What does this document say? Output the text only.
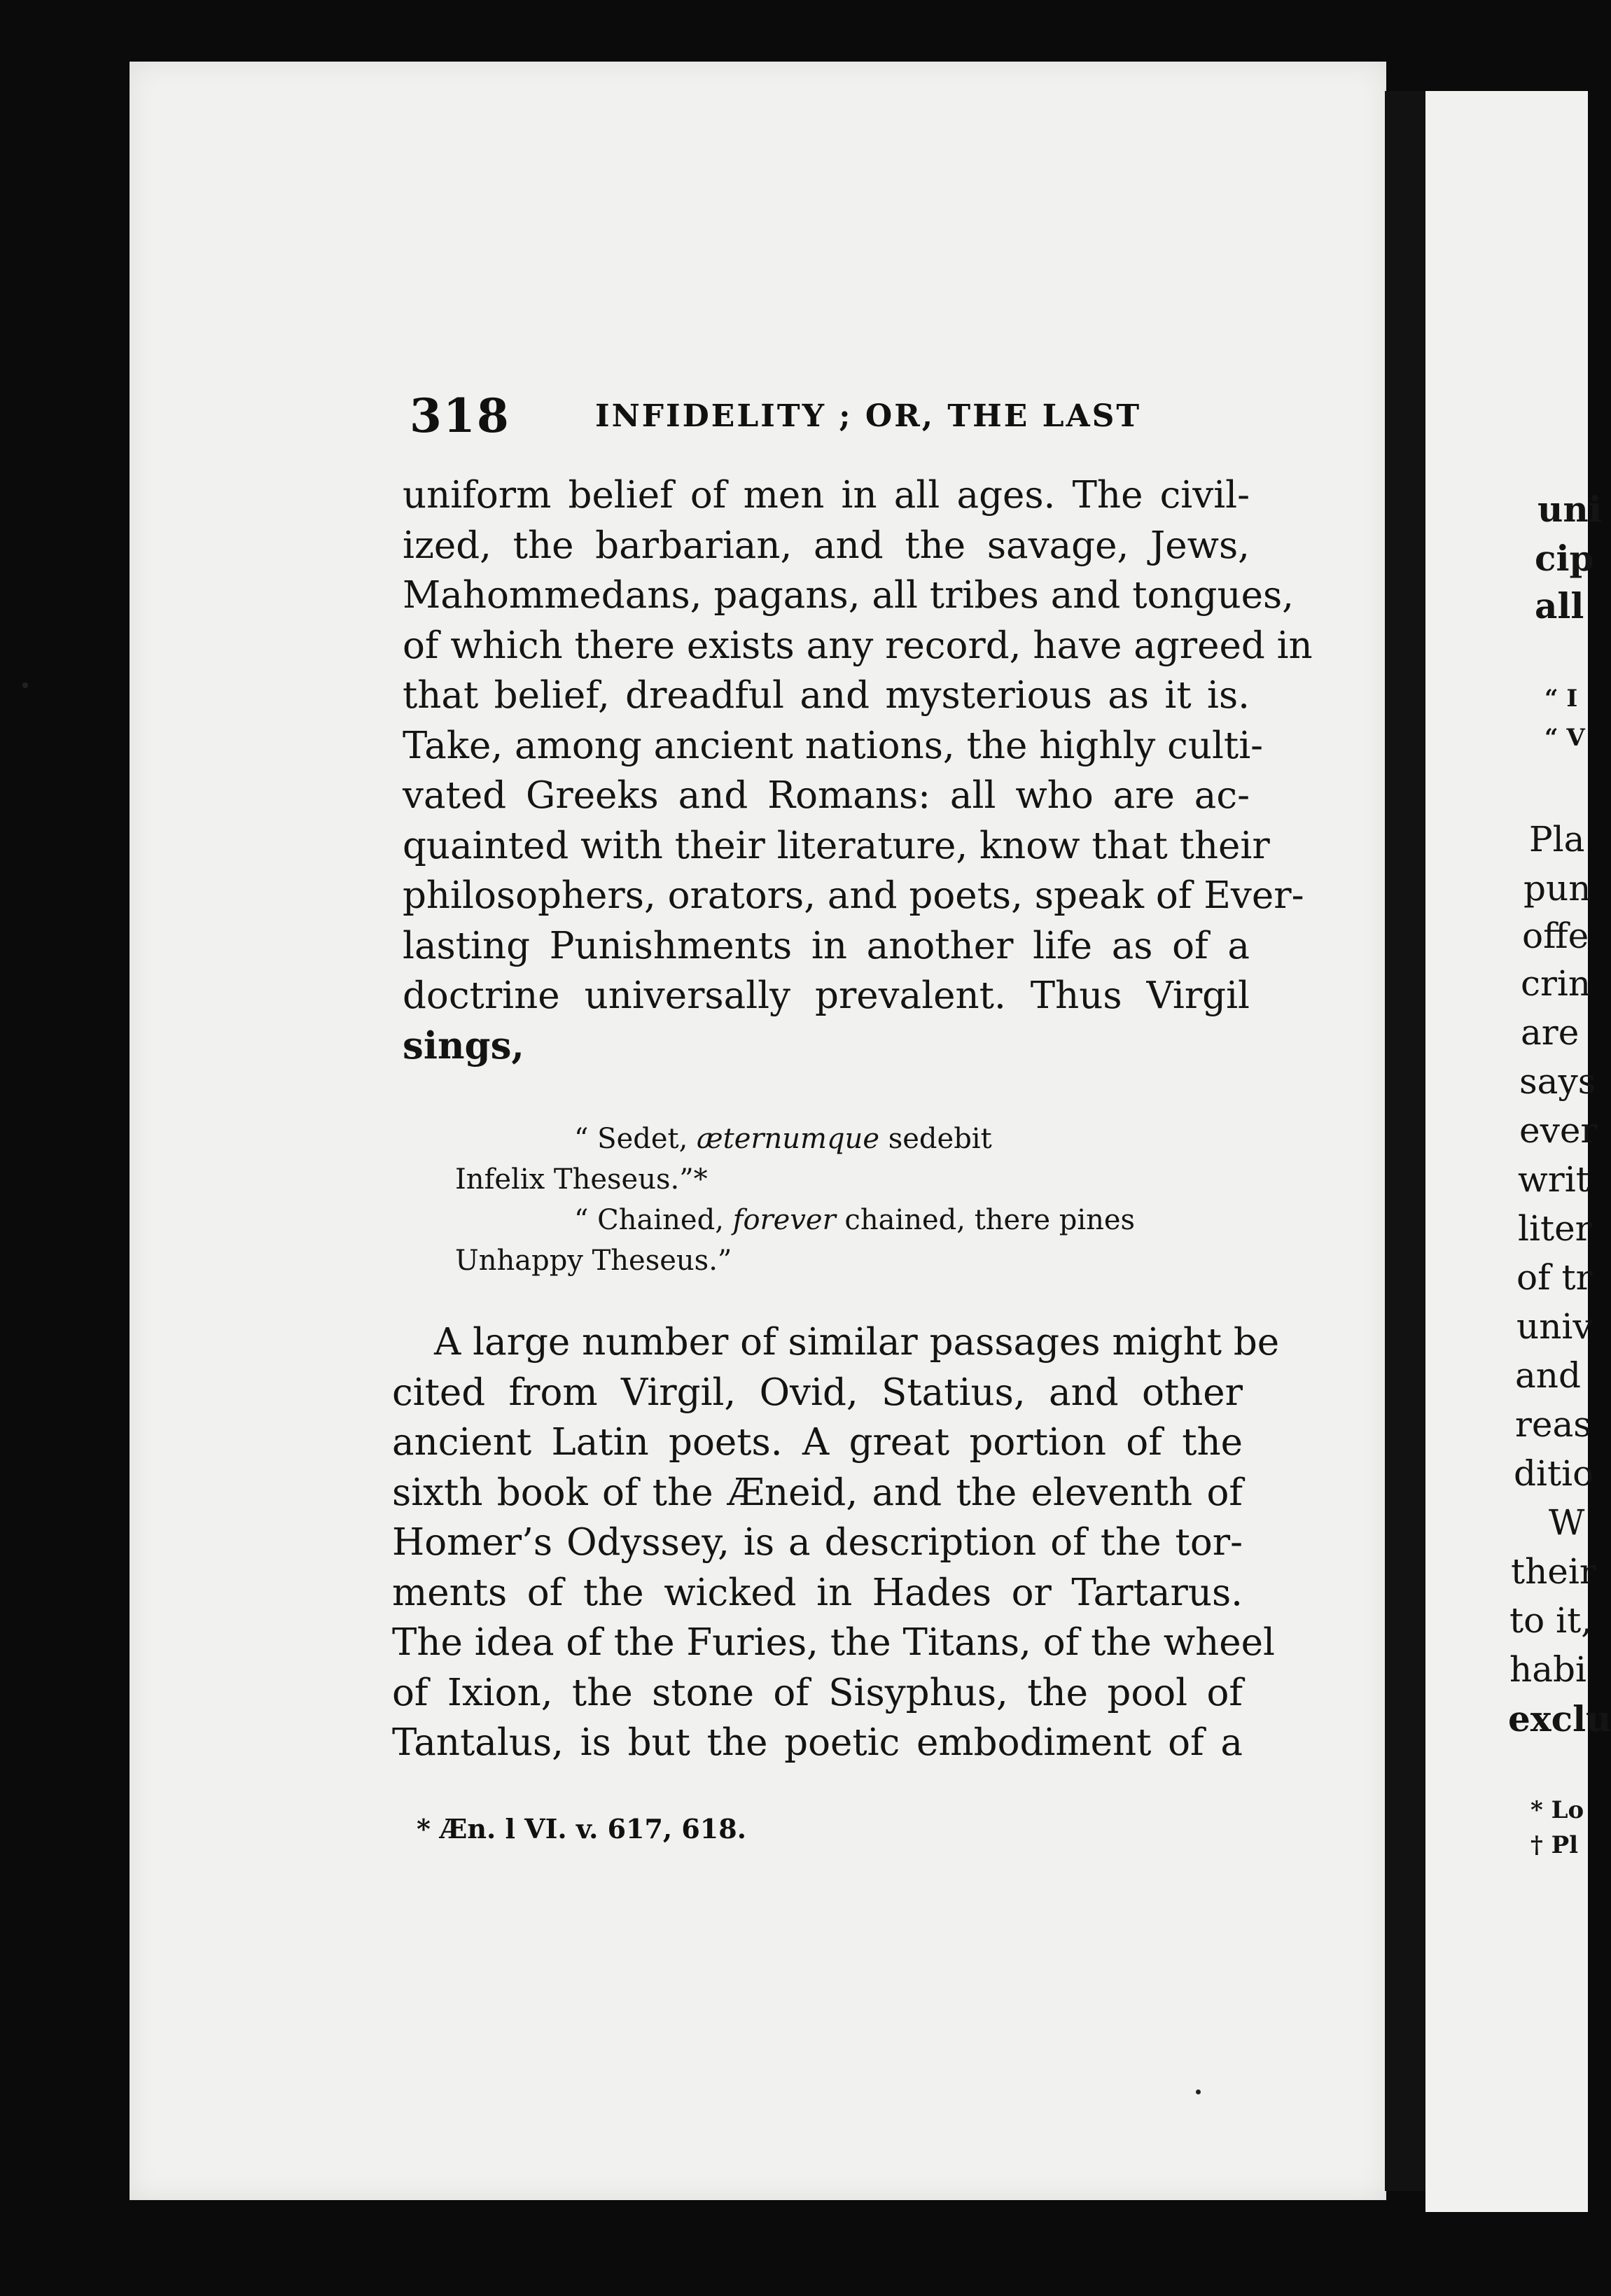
uni
cip
all
“ I
“ V
Pla
pun
offe
crin
are
says
ever
writ
liter
of tr
univ
and
reas
ditio
W
their
to it,
habi
exclu
* Lo
† Pl
318	INFIDELITY ; OR, THE LAST
uniform belief of men in all ages. The civil-
ized, the barbarian, and the savage, Jews,
Mahommedans, pagans, all tribes and tongues,
of which there exists any record, have agreed in
that belief, dreadful and mysterious as it is.
Take, among ancient nations, the highly culti-
vated Greeks and Romans: all who are ac-
quainted with their literature, know that their
philosophers, orators, and poets, speak of Ever-
lasting Punishments in another life as of a
doctrine universally prevalent. Thus Virgil
sings,
“ Sedet, æternumque sedebit
Infelix Theseus.”*
“ Chained, forever chained, there pines
Unhappy Theseus.”
A large number of similar passages might be
cited from Virgil, Ovid, Statius, and other
ancient Latin poets. A great portion of the
sixth book of the Æneid, and the eleventh of
Homer’s Odyssey, is a description of the tor-
ments of the wicked in Hades or Tartarus.
The idea of the Furies, the Titans, of the wheel
of Ixion, the stone of Sisyphus, the pool of
Tantalus, is but the poetic embodiment of a
* Æn. l VI. v. 617, 618.
